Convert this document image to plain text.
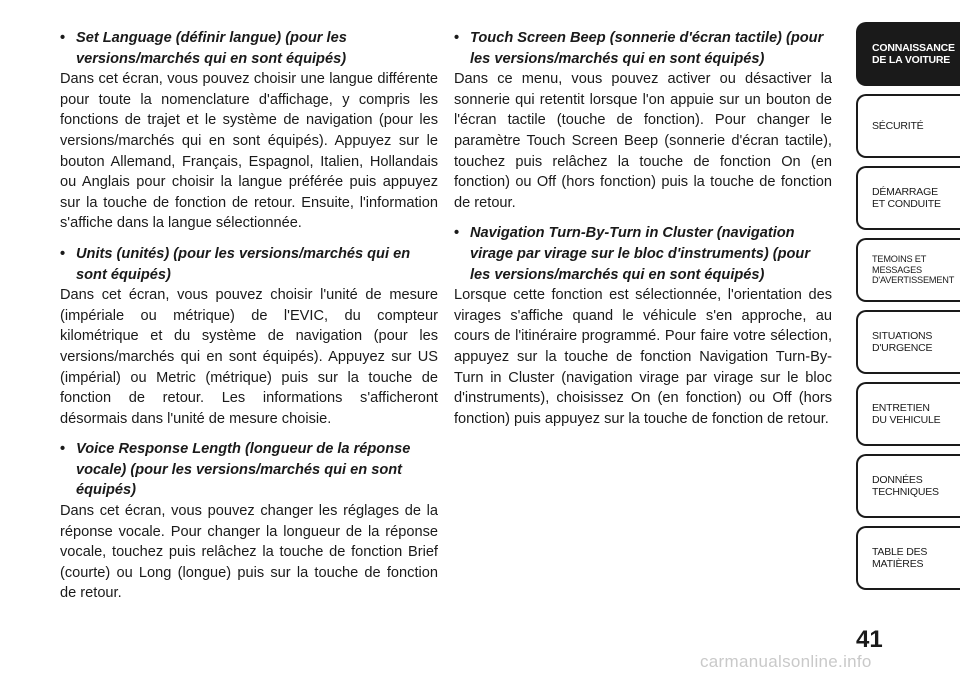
• Set Language (définir langue) (pour les versions/marchés qui en sont équipés)

Dans cet écran, vous pouvez choisir une langue différente pour toute la nomenclature d'affichage, y compris les fonctions de trajet et le système de navigation (pour les versions/marchés qui en sont équipés). Appuyez sur le bouton Allemand, Français, Espagnol, Italien, Hollandais ou Anglais pour choisir la langue préférée puis appuyez sur la touche de fonction de retour. Ensuite, l'information s'affiche dans la langue sélectionnée.

• Units (unités) (pour les versions/marchés qui en sont équipés)

Dans cet écran, vous pouvez choisir l'unité de mesure (impériale ou métrique) de l'EVIC, du compteur kilométrique et du système de navigation (pour les versions/marchés qui en sont équipés). Appuyez sur US (impérial) ou Metric (métrique) puis sur la touche de fonction de retour. Les informations s'afficheront désormais dans l'unité de mesure choisie.

• Voice Response Length (longueur de la réponse vocale) (pour les versions/marchés qui en sont équipés)

Dans cet écran, vous pouvez changer les réglages de la réponse vocale. Pour changer la longueur de la réponse vocale, touchez puis relâchez la touche de fonction Brief (courte) ou Long (longue) puis sur la touche de fonction de retour.

• Touch Screen Beep (sonnerie d'écran tactile) (pour les versions/marchés qui en sont équipés)

Dans ce menu, vous pouvez activer ou désactiver la sonnerie qui retentit lorsque l'on appuie sur un bouton de l'écran tactile (touche de fonction). Pour changer le paramètre Touch Screen Beep (sonnerie d'écran tactile), touchez puis relâchez la touche de fonction On (en fonction) ou Off (hors fonction) puis la touche de fonction de retour.

• Navigation Turn-By-Turn in Cluster (navigation virage par virage sur le bloc d'instruments) (pour les versions/marchés qui en sont équipés)

Lorsque cette fonction est sélectionnée, l'orientation des virages s'affiche quand le véhicule s'en approche, au cours de l'itinéraire programmé. Pour faire votre sélection, appuyez sur la touche de fonction Navigation Turn-By-Turn in Cluster (navigation virage par virage sur le bloc d'instruments), choisissez On (en fonction) ou Off (hors fonction) puis appuyez sur la touche de fonction de retour.

CONNAISSANCE
DE LA VOITURE
SÉCURITÉ
DÉMARRAGE
ET CONDUITE
TEMOINS ET
MESSAGES
D'AVERTISSEMENT
SITUATIONS
D'URGENCE
ENTRETIEN
DU VEHICULE
DONNÉES
TECHNIQUES
TABLE DES
MATIÈRES
41
carmanualsonline.info
